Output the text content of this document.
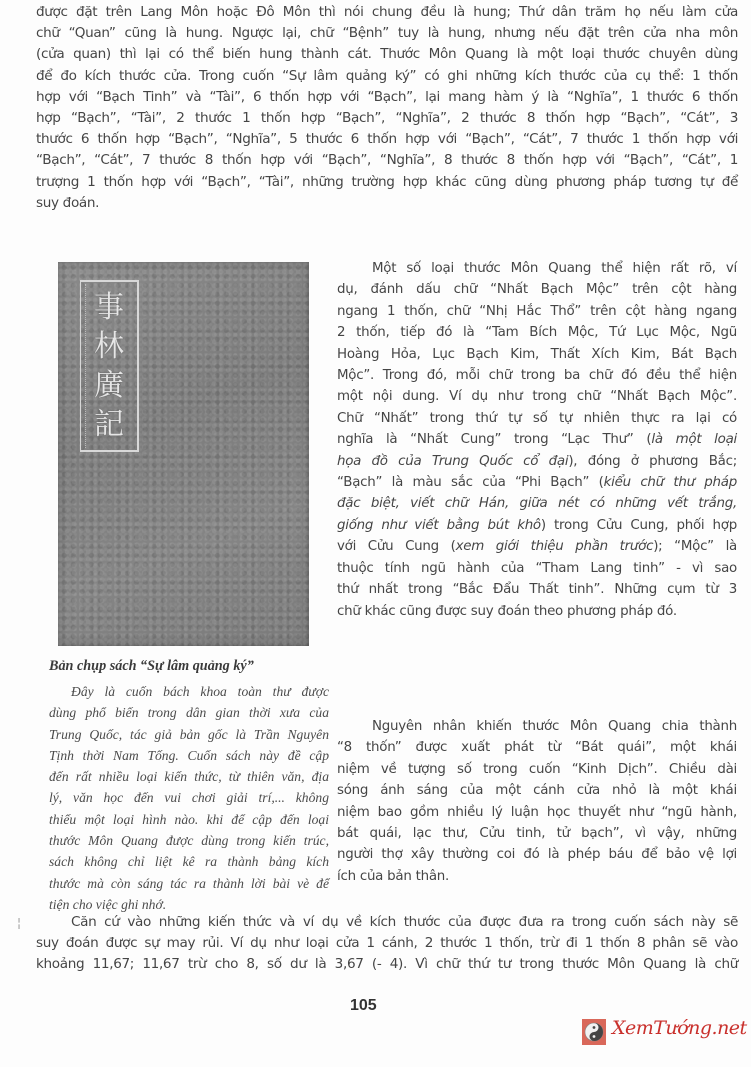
được đặt trên Lang Môn hoặc Đô Môn thì nói chung đều là hung; Thứ dân trăm họ nếu làm cửa
chữ “Quan” cũng là hung. Ngược lại, chữ “Bệnh” tuy là hung, nhưng nếu đặt trên cửa nha môn
(cửa quan) thì lại có thể biến hung thành cát. Thước Môn Quang là một loại thước chuyên dùng
để đo kích thước cửa. Trong cuốn “Sự lâm quảng ký” có ghi những kích thước của cụ thể: 1 thốn
hợp với “Bạch Tinh” và “Tài”, 6 thốn hợp với “Bạch”, lại mang hàm ý là “Nghĩa”, 1 thước 6 thốn
hợp “Bạch”, “Tài”, 2 thước 1 thốn hợp “Bạch”, “Nghĩa”, 2 thước 8 thốn hợp “Bạch”, “Cát”, 3
thước 6 thốn hợp “Bạch”, “Nghĩa”, 5 thước 6 thốn hợp với “Bạch”, “Cát”, 7 thước 1 thốn hợp với
“Bạch”, “Cát”, 7 thước 8 thốn hợp với “Bạch”, “Nghĩa”, 8 thước 8 thốn hợp với “Bạch”, “Cát”, 1
trượng 1 thốn hợp với “Bạch”, “Tài”, những trường hợp khác cũng dùng phương pháp tương tự để
suy đoán.
事
林
廣
記
Bản chụp sách “Sự lâm quảng ký”
Đây là cuốn bách khoa toàn thư được
dùng phổ biến trong dân gian thời xưa của
Trung Quốc, tác giả bản gốc là Trần Nguyên
Tịnh thời Nam Tống. Cuốn sách này đề cập
đến rất nhiều loại kiến thức, từ thiên văn, địa
lý, văn học đến vui chơi giải trí,... không
thiếu một loại hình nào. khi để cập đến loại
thước Môn Quang được dùng trong kiến trúc,
sách không chỉ liệt kê ra thành bảng kích
thước mà còn sáng tác ra thành lời bài vè để
tiện cho việc ghi nhớ.
Một số loại thước Môn Quang thể hiện rất rõ, ví
dụ, đánh dấu chữ “Nhất Bạch Mộc” trên cột hàng
ngang 1 thốn, chữ “Nhị Hắc Thổ” trên cột hàng ngang
2 thốn, tiếp đó là “Tam Bích Mộc, Tứ Lục Mộc, Ngũ
Hoàng Hỏa, Lục Bạch Kim, Thất Xích Kim, Bát Bạch
Mộc”. Trong đó, mỗi chữ trong ba chữ đó đều thể hiện
một nội dung. Ví dụ như trong chữ “Nhất Bạch Mộc”.
Chữ “Nhất” trong thứ tự số tự nhiên thực ra lại có
nghĩa là “Nhất Cung” trong “Lạc Thư” (là một loại
họa đồ của Trung Quốc cổ đại), đóng ở phương Bắc;
“Bạch” là màu sắc của “Phi Bạch” (kiểu chữ thư pháp
đặc biệt, viết chữ Hán, giữa nét có những vết trắng,
giống như viết bằng bút khô) trong Cửu Cung, phối hợp
với Cửu Cung (xem giới thiệu phần trước); “Mộc” là
thuộc tính ngũ hành của “Tham Lang tinh” - vì sao
thứ nhất trong “Bắc Đẩu Thất tinh”. Những cụm từ 3
chữ khác cũng được suy đoán theo phương pháp đó.
Nguyên nhân khiến thước Môn Quang chia thành
“8 thốn” được xuất phát từ “Bát quái”, một khái
niệm về tượng số trong cuốn “Kinh Dịch”. Chiều dài
sóng ánh sáng của một cánh cửa nhỏ là một khái
niệm bao gồm nhiều lý luận học thuyết như “ngũ hành,
bát quái, lạc thư, Cửu tinh, tử bạch”, vì vậy, những
người thợ xây thường coi đó là phép báu để bảo vệ lợi
ích của bản thân.
¦	Căn cứ vào những kiến thức và ví dụ về kích thước của được đưa ra trong cuốn sách này sẽ
suy đoán được sự may rủi. Ví dụ như loại cửa 1 cánh, 2 thước 1 thốn, trừ đi 1 thốn 8 phân sẽ vào
khoảng 11,67; 11,67 trừ cho 8, số dư là 3,67 (- 4). Vì chữ thứ tư trong thước Môn Quang là chữ
105
XemTướng.net
